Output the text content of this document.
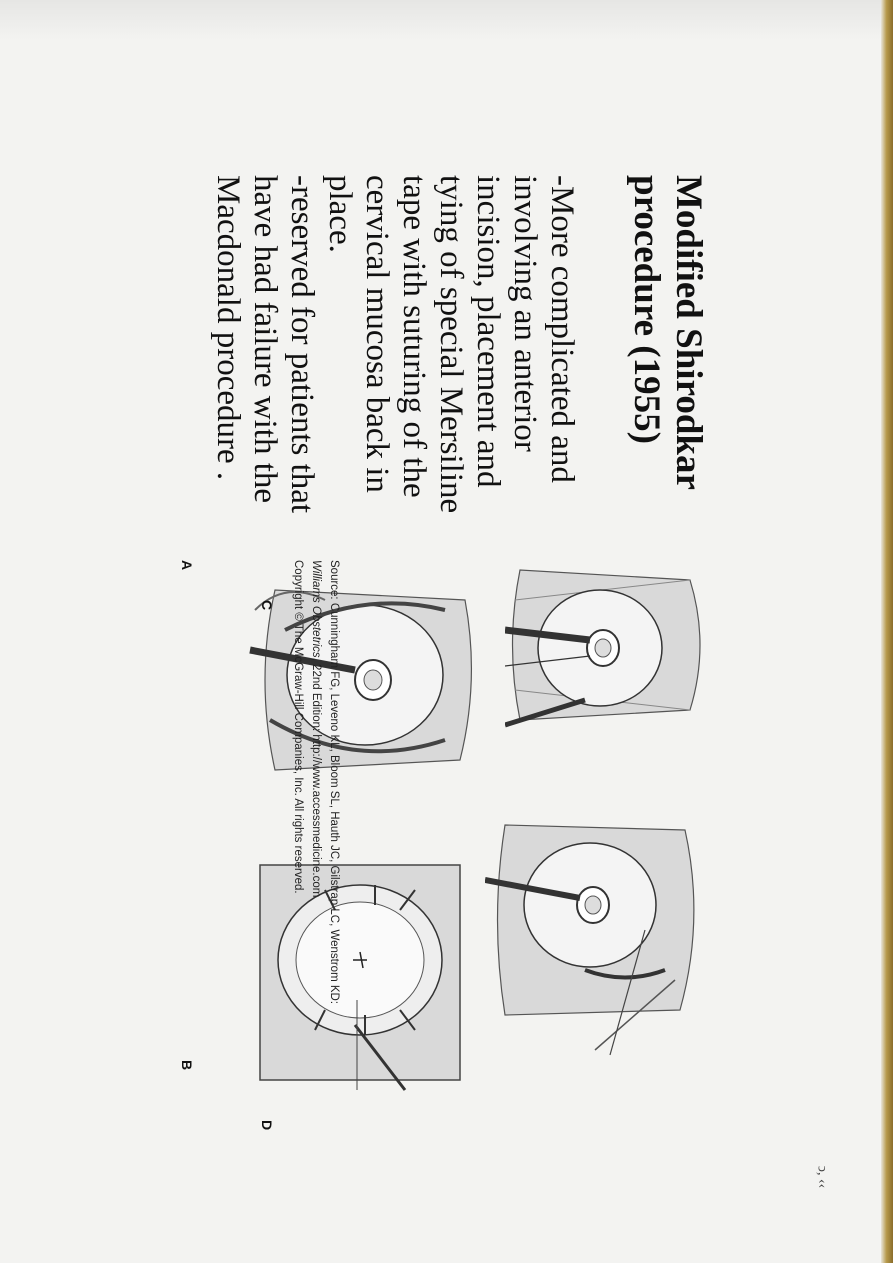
Modified Shirodkar procedure (1955)
-More complicated and involving an anterior incision, placement and tying of special Mersiline tape with suturing of the cervical mucosa back in place.
-reserved for patients that have had failure with the Macdonald procedure .
A
B
C
D
Source: Cunningham FG, Leveno KL, Bloom SL, Hauth JC, Gilstrap LC, Wenstrom KD:
Williams Obstetrics, 22nd Edition: http://www.accessmedicine.com
Copyright © The McGraw-Hill Companies, Inc. All rights reserved.
ↄ, ‹‹
